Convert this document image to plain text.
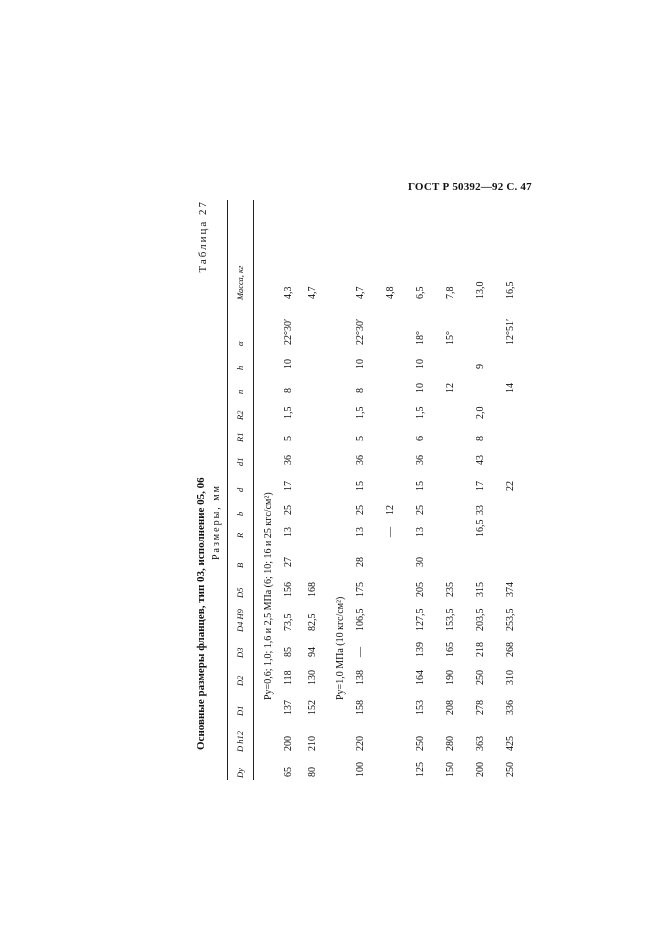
ГОСТ Р 50392—92 С. 47
Таблица 27
Основные размеры фланцев, тип 03, исполнение 05, 06 Размеры, мм
Dy
D h12
D1
D2
D3
D4 H9
D5
B
R
b
d
d1
R1
R2
n
h
α
Масса, кг
Py=0,6; 1,0; 1,6 и 2,5 МПа (6; 10; 16 и 25 кгс/см²)
65
200
137
118
85
73,5
156
27
13
25
17
36
5
1,5
8
10
22°30′
4,3
80
210
152
130
94
82,5
168
4,7
Py=1,0 МПа (10 кгс/см²)
100
220
158
138
—
106,5
175
28
13
25
15
36
5
1,5
8
10
22°30′
4,7
—
12
4,8
125
250
153
164
139
127,5
205
30
13
25
15
36
6
1,5
10
10
18°
6,5
150
280
208
190
165
153,5
235
12
15°
7,8
200
363
278
250
218
203,5
315
16,5
33
17
43
8
2,0
9
13,0
250
425
336
310
268
253,5
374
22
14
12°51′
16,5
